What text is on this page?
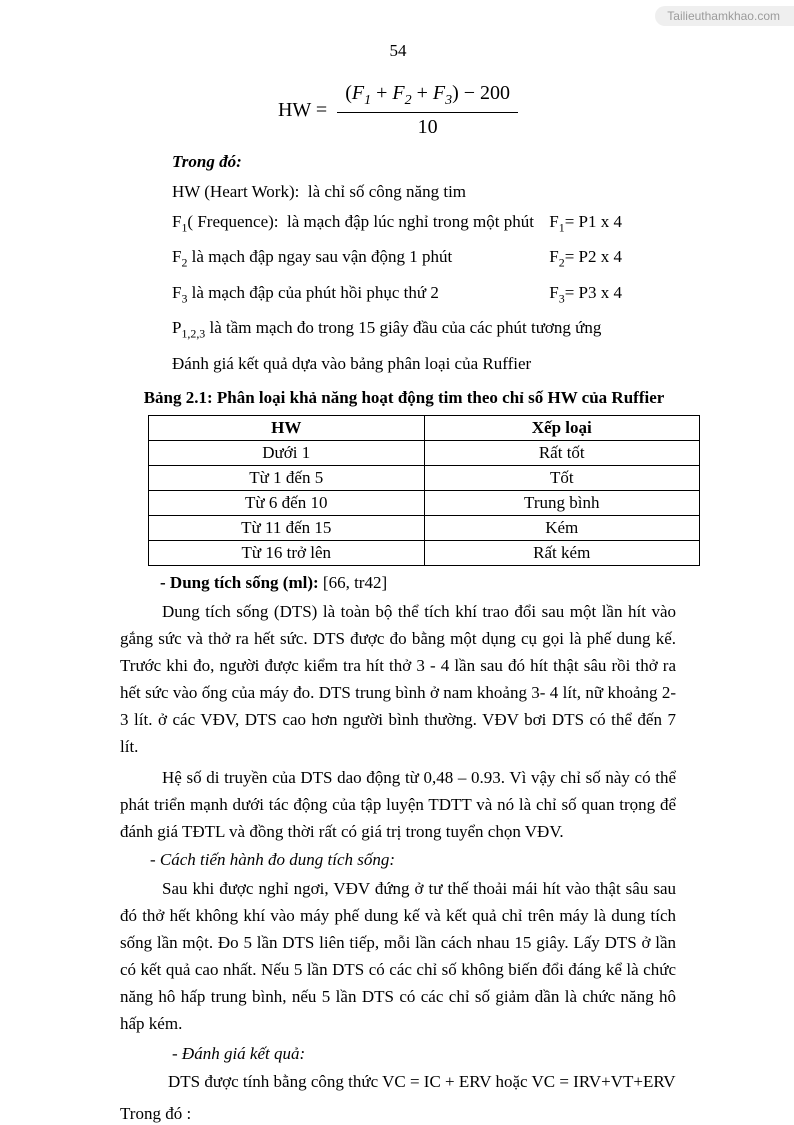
Tailieuthamkhao.com
54
HW = $\frac{(F_1 + F_2 + F_3) - 200}{10}$
Trong đó:
HW (Heart Work):  là chỉ số công năng tim
$F_1$( Frequence):  là mạch đập lúc nghỉ trong một phút $F_1= P1$ x 4
$F_2$ là mạch đập ngay sau vận động 1 phút	$F_2= P2$ x 4
$F_3$ là mạch đập của phút hồi phục thứ 2	$F_3= P3$ x 4
$P_{1,2,3}$ là tầm mạch đo trong 15 giây đầu của các phút tương ứng
Đánh giá kết quả dựa vào bảng phân loại của Ruffier
Bảng 2.1: Phân loại khả năng hoạt động tim theo chỉ số HW của Ruffier
HW	Xếp loại
Dưới 1	Rất tốt
Từ 1 đến 5	Tốt
Từ 6 đến 10	Trung bình
Từ 11 đến 15	Kém
Từ 16 trở lên	Rất kém
- Dung tích sống (ml): [66, tr42]

Dung tích sống (DTS) là toàn bộ thể tích khí trao đổi sau một lần hít vào gắng sức và thở ra hết sức. DTS được đo bằng một dụng cụ gọi là phế dung kế. Trước khi đo, người được kiểm tra hít thở 3 - 4 lần sau đó hít thật sâu rồi thở ra hết sức vào ống của máy đo. DTS trung bình ở nam khoảng 3- 4 lít, nữ khoảng 2-3 lít. ở các VĐV, DTS cao hơn người bình thường. VĐV bơi DTS có thể đến 7 lít.

Hệ số di truyền của DTS dao động từ 0,48 – 0.93. Vì vậy chỉ số này có thể phát triển mạnh dưới tác động của tập luyện TDTT và nó là chỉ số quan trọng để đánh giá TĐTL và đồng thời rất có giá trị trong tuyển chọn VĐV.

- Cách tiến hành đo dung tích sống:

Sau khi được nghỉ ngơi, VĐV đứng ở tư thế thoải mái hít vào thật sâu sau đó thở hết không khí vào máy phế dung kế và kết quả chỉ trên máy là dung tích sống lần một. Đo 5 lần DTS liên tiếp, mỗi lần cách nhau 15 giây. Lấy DTS ở lần có kết quả cao nhất. Nếu 5 lần DTS có các chỉ số không biến đổi đáng kể là chức năng hô hấp trung bình, nếu 5 lần DTS có các chỉ số giảm dần là chức năng hô hấp kém.

- Đánh giá kết quả:
DTS được tính bằng công thức VC = IC + ERV hoặc VC = IRV+VT+ERV
Trong đó :
